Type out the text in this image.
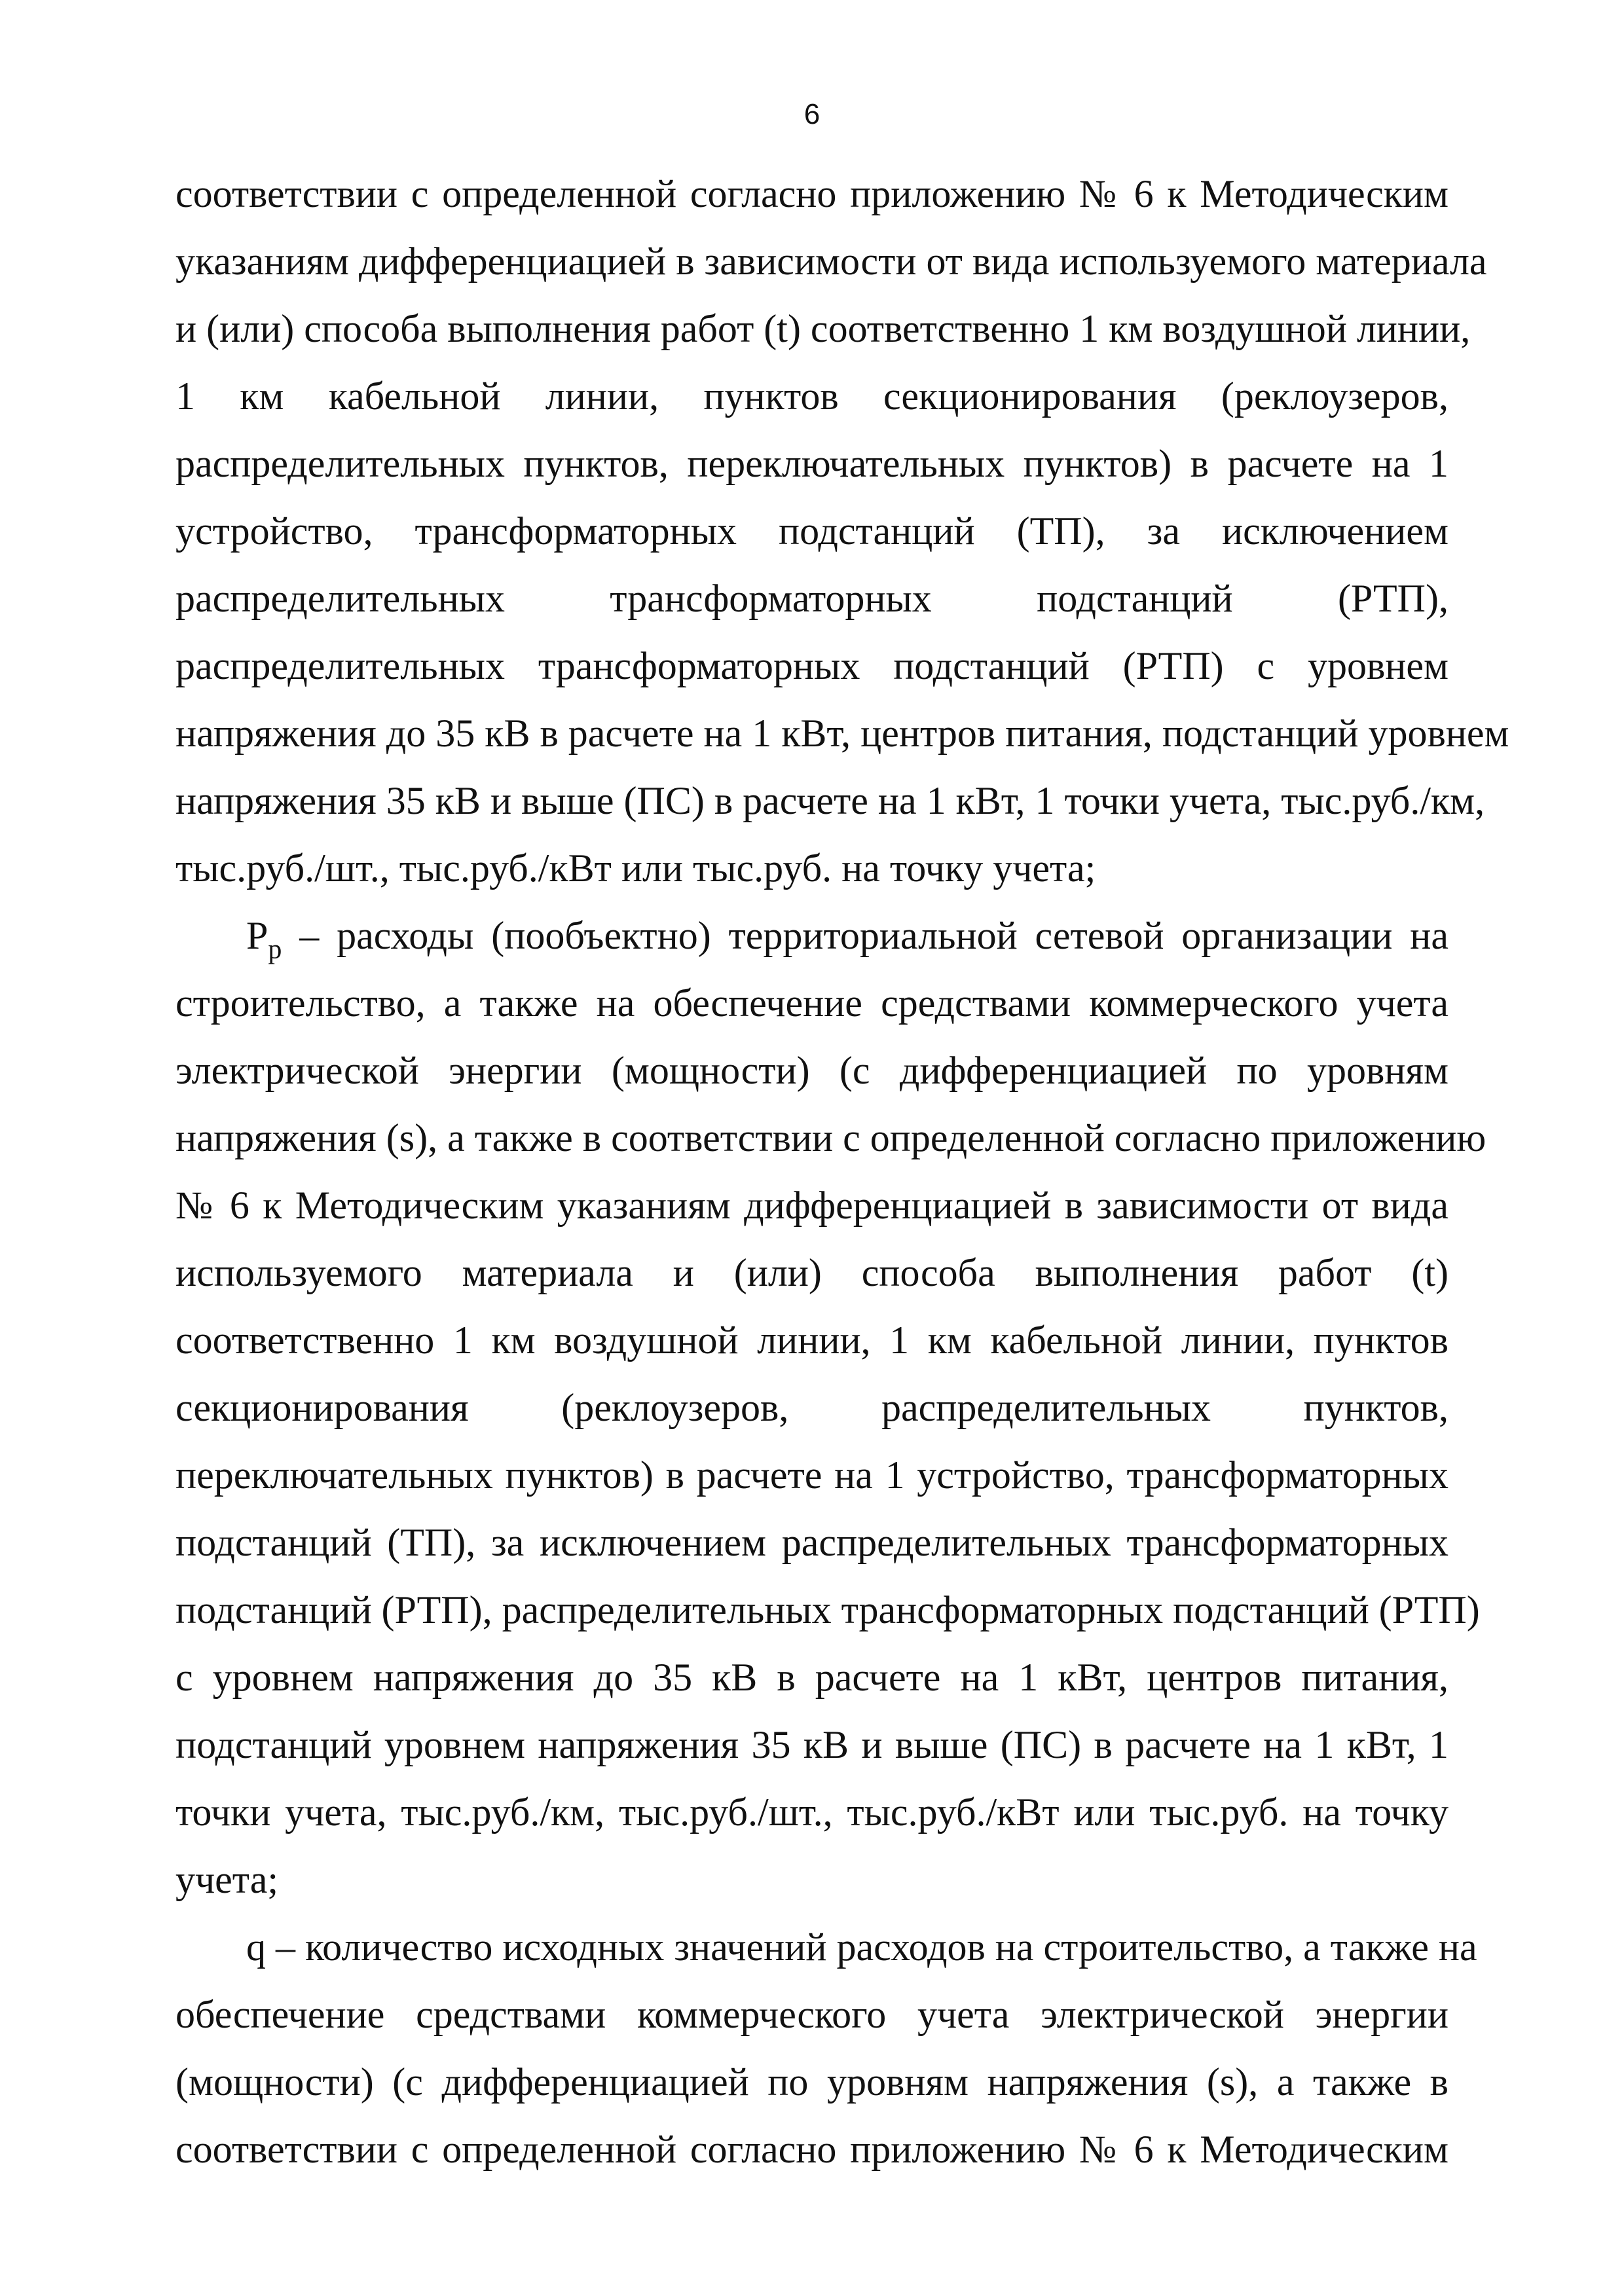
6
соответствии с определенной согласно приложению № 6 к Методическим
указаниям дифференциацией в зависимости от вида используемого материала
и (или) способа выполнения работ (t) соответственно 1 км воздушной линии,
1 км кабельной линии, пунктов секционирования (реклоузеров,
распределительных пунктов, переключательных пунктов) в расчете на 1
устройство, трансформаторных подстанций (ТП), за исключением
распределительных трансформаторных подстанций (РТП),
распределительных трансформаторных подстанций (РТП) с уровнем
напряжения до 35 кВ в расчете на 1 кВт, центров питания, подстанций уровнем
напряжения 35 кВ и выше (ПС) в расчете на 1 кВт, 1 точки учета, тыс.руб./км,
тыс.руб./шт., тыс.руб./кВт или тыс.руб. на точку учета;
$P_p$ – расходы (пообъектно) территориальной сетевой организации на
строительство, а также на обеспечение средствами коммерческого учета
электрической энергии (мощности) (с дифференциацией по уровням
напряжения (s), а также в соответствии с определенной согласно приложению
№ 6 к Методическим указаниям дифференциацией в зависимости от вида
используемого материала и (или) способа выполнения работ (t)
соответственно 1 км воздушной линии, 1 км кабельной линии, пунктов
секционирования (реклоузеров, распределительных пунктов,
переключательных пунктов) в расчете на 1 устройство, трансформаторных
подстанций (ТП), за исключением распределительных трансформаторных
подстанций (РТП), распределительных трансформаторных подстанций (РТП)
с уровнем напряжения до 35 кВ в расчете на 1 кВт, центров питания,
подстанций уровнем напряжения 35 кВ и выше (ПС) в расчете на 1 кВт, 1
точки учета, тыс.руб./км, тыс.руб./шт., тыс.руб./кВт или тыс.руб. на точку
учета;
q – количество исходных значений расходов на строительство, а также на
обеспечение средствами коммерческого учета электрической энергии
(мощности) (с дифференциацией по уровням напряжения (s), а также в
соответствии с определенной согласно приложению № 6 к Методическим
